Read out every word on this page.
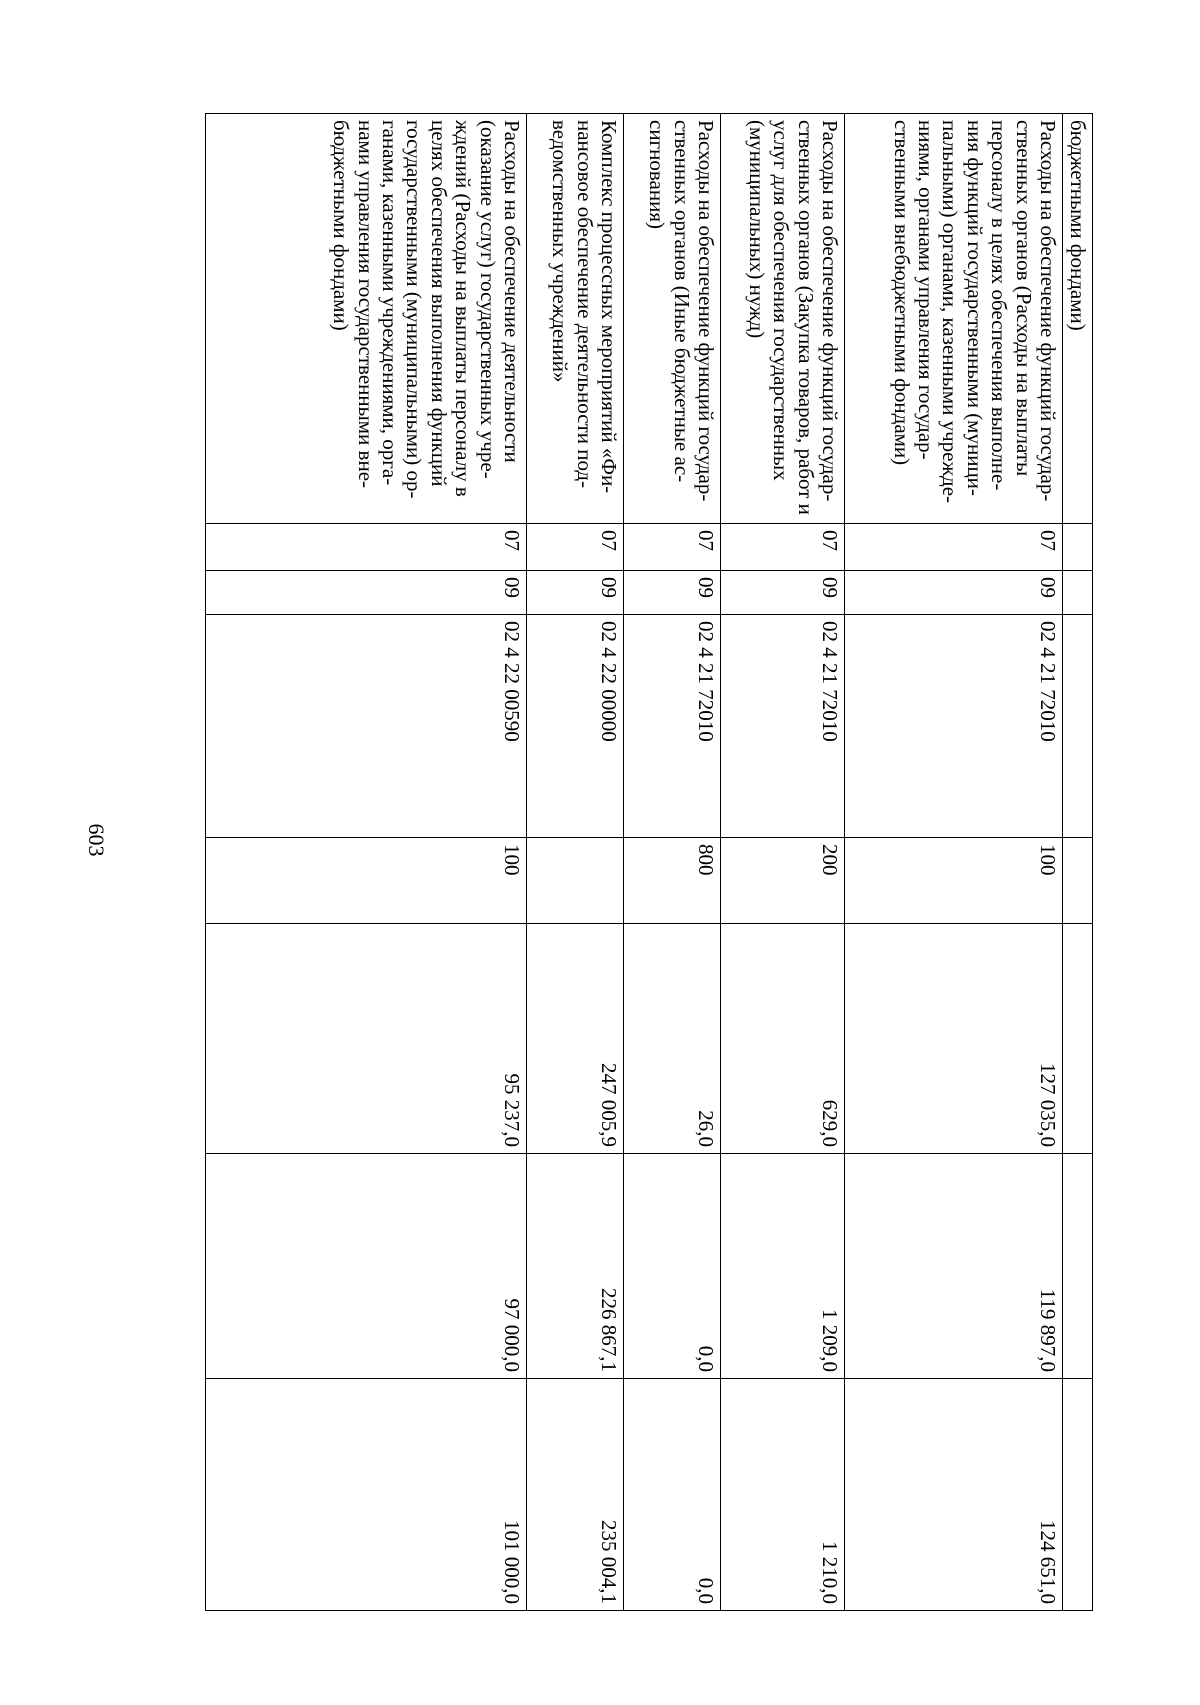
603
бюджетными фондами)							
Расходы на обеспечение функций государ-ственных органов (Расходы на выплаты персоналу в целях обеспечения выполне-ния функций государственными (муници-пальными) органами, казенными учрежде-ниями, органами управления государ-ственными внебюджетными фондами)	07	09	02 4 21 72010	100	127 035,0	119 897,0	124 651,0
Расходы на обеспечение функций государ-ственных органов (Закупка товаров, работ и услуг для обеспечения государственных (муниципальных) нужд)	07	09	02 4 21 72010	200	629,0	1 209,0	1 210,0
Расходы на обеспечение функций государ-ственных органов (Иные бюджетные ас-сигнования)	07	09	02 4 21 72010	800	26,0	0,0	0,0
Комплекс процессных мероприятий «Фи-нансовое обеспечение деятельности под-ведомственных учреждений»	07	09	02 4 22 00000		247 005,9	226 867,1	235 004,1
Расходы на обеспечение деятельности (оказание услуг) государственных учре-ждений (Расходы на выплаты персоналу в целях обеспечения выполнения функций государственными (муниципальными) ор-ганами, казенными учреждениями, орга-нами управления государственными вне-бюджетными фондами)	07	09	02 4 22 00590	100	95 237,0	97 000,0	101 000,0
